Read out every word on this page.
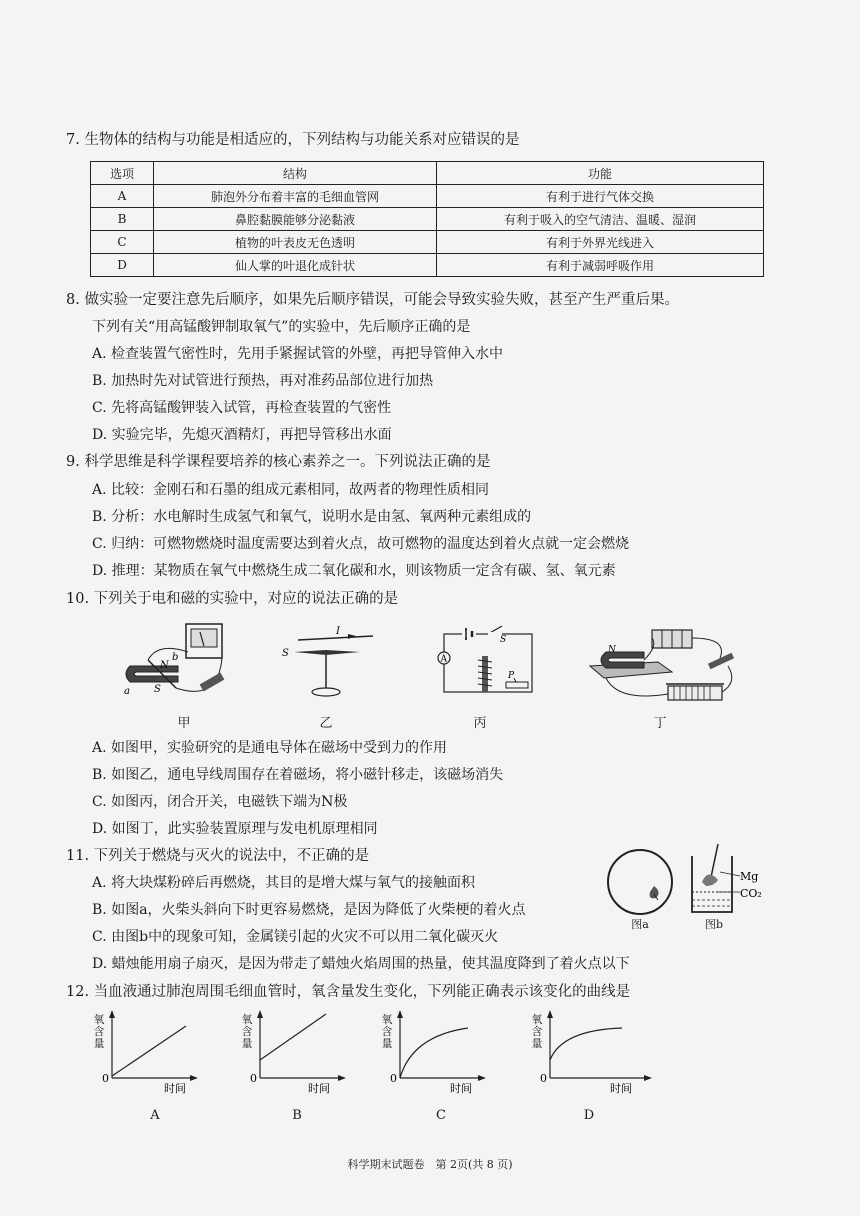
7. 生物体的结构与功能是相适应的，下列结构与功能关系对应错误的是
选项	结构	功能
A	肺泡外分布着丰富的毛细血管网	有利于进行气体交换
B	鼻腔黏膜能够分泌黏液	有利于吸入的空气清洁、温暖、湿润
C	植物的叶表皮无色透明	有利于外界光线进入
D	仙人掌的叶退化成针状	有利于减弱呼吸作用
8. 做实验一定要注意先后顺序，如果先后顺序错误，可能会导致实验失败，甚至产生严重后果。
下列有关“用高锰酸钾制取氧气”的实验中，先后顺序正确的是
A. 检查装置气密性时，先用手紧握试管的外壁，再把导管伸入水中
B. 加热时先对试管进行预热，再对准药品部位进行加热
C. 先将高锰酸钾装入试管，再检查装置的气密性
D. 实验完毕，先熄灭酒精灯，再把导管移出水面
9. 科学思维是科学课程要培养的核心素养之一。下列说法正确的是
A. 比较：金刚石和石墨的组成元素相同，故两者的物理性质相同
B. 分析：水电解时生成氢气和氧气，说明水是由氢、氧两种元素组成的
C. 归纳：可燃物燃烧时温度需要达到着火点，故可燃物的温度达到着火点就一定会燃烧
D. 推理：某物质在氧气中燃烧生成二氧化碳和水，则该物质一定含有碳、氢、氧元素
10. 下列关于电和磁的实验中，对应的说法正确的是
N
b
a S
I
S
S
A
P
N
甲	乙	丙	丁
A. 如图甲，实验研究的是通电导体在磁场中受到力的作用
B. 如图乙，通电导线周围存在着磁场，将小磁针移走，该磁场消失
C. 如图丙，闭合开关，电磁铁下端为N极
D. 如图丁，此实验装置原理与发电机原理相同
11. 下列关于燃烧与灭火的说法中，不正确的是
A. 将大块煤粉碎后再燃烧，其目的是增大煤与氧气的接触面积
B. 如图a，火柴头斜向下时更容易燃烧，是因为降低了火柴梗的着火点
C. 由图b中的现象可知，金属镁引起的火灾不可以用二氧化碳灭火
D. 蜡烛能用扇子扇灭，是因为带走了蜡烛火焰周围的热量，使其温度降到了着火点以下
图a
Mg
CO₂
图b
12. 当血液通过肺泡周围毛细血管时，氧含量发生变化，下列能正确表示该变化的曲线是
氧含量
0
时间
A
氧含量
0
时间
B
氧含量
0
时间
C
氧含量
0
时间
D
科学期末试题卷　第 2页(共 8 页)
